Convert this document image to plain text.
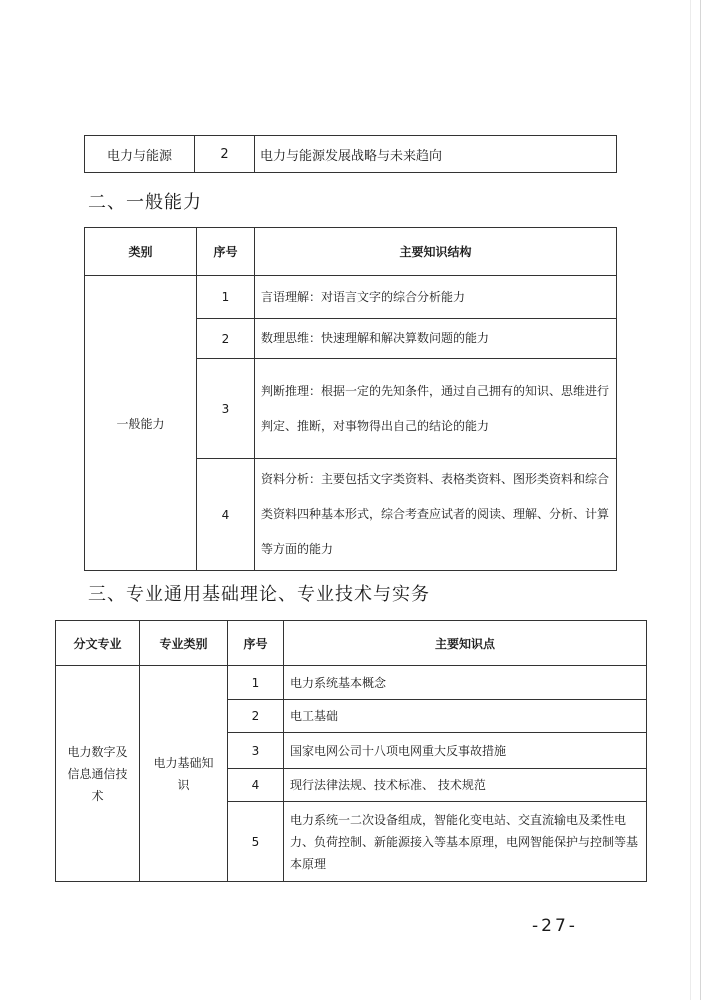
电力与能源	2	电力与能源发展战略与未来趋向
二、一般能力
类别	序号	主要知识结构
一般能力	1	言语理解：对语言文字的综合分析能力
	2	数理思维：快速理解和解决算数问题的能力
	3	判断推理：根据一定的先知条件，通过自己拥有的知识、思维进行判定、推断，对事物得出自己的结论的能力
	4	资料分析：主要包括文字类资料、表格类资料、图形类资料和综合类资料四种基本形式，综合考查应试者的阅读、理解、分析、计算等方面的能力
三、专业通用基础理论、专业技术与实务
分文专业	专业类别	序号	主要知识点
电力数字及信息通信技术	电力基础知识	1	电力系统基本概念
		2	电工基础
		3	国家电网公司十八项电网重大反事故措施
		4	现行法律法规、技术标准、 技术规范
		5	电力系统一二次设备组成，智能化变电站、交直流输电及柔性电力、负荷控制、新能源接入等基本原理，电网智能保护与控制等基本原理
-27-
